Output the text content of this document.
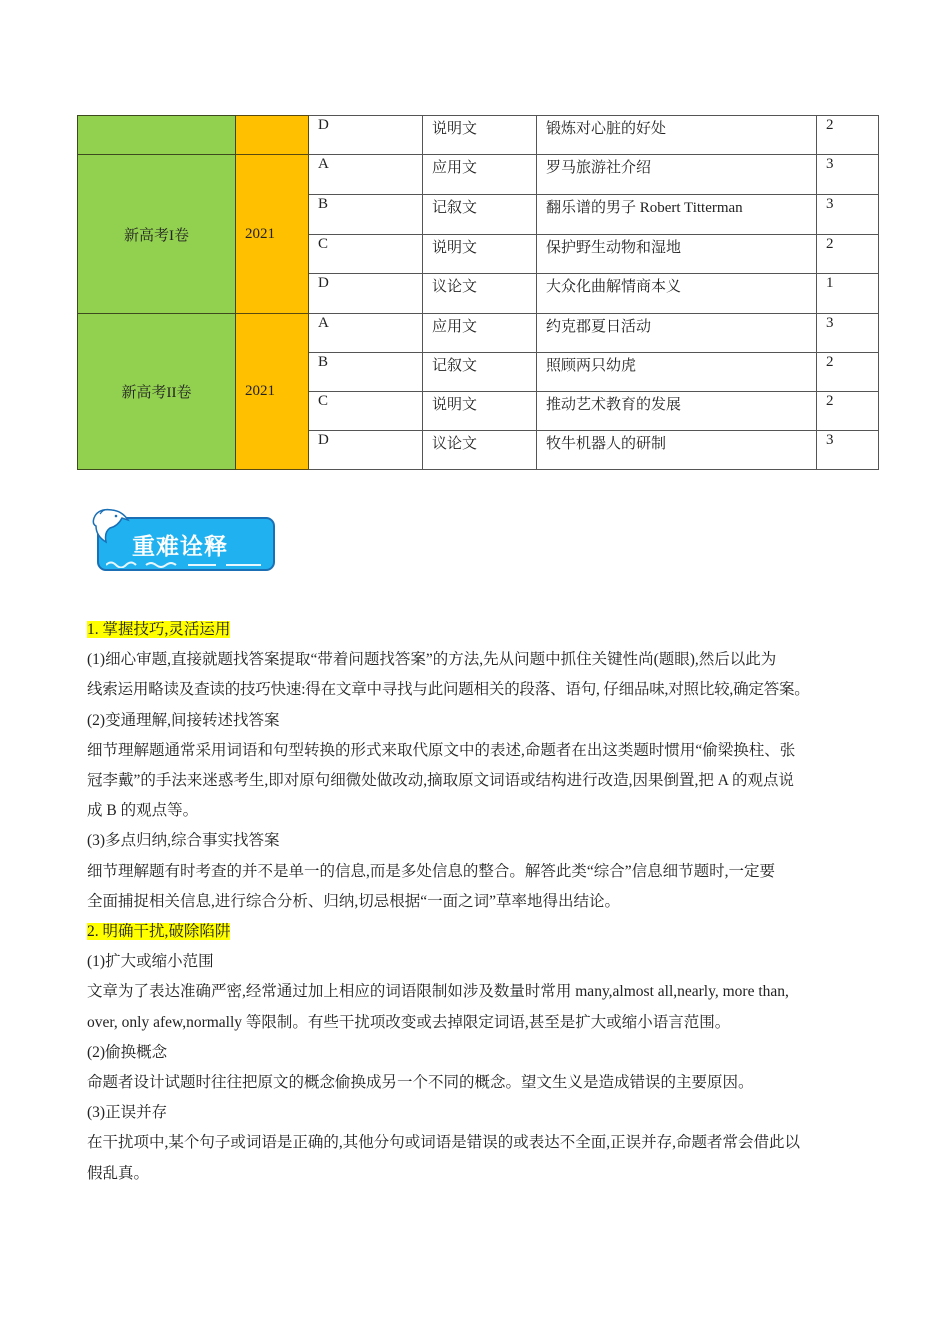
		D	说明文	锻炼对心脏的好处	2
新高考I卷	2021	A	应用文	罗马旅游社介绍	3
		B	记叙文	翻乐谱的男子 Robert Titterman	3
		C	说明文	保护野生动物和湿地	2
		D	议论文	大众化曲解情商本义	1
新高考II卷	2021	A	应用文	约克郡夏日活动	3
		B	记叙文	照顾两只幼虎	2
		C	说明文	推动艺术教育的发展	2
		D	议论文	牧牛机器人的研制	3
重难诠释

1. 掌握技巧,灵活运用

(1)细心审题,直接就题找答案提取“带着问题找答案”的方法,先从问题中抓住关键性尚(题眼),然后以此为

线索运用略读及查读的技巧快速:得在文章中寻找与此问题相关的段落、语句, 仔细品味,对照比较,确定答案。

(2)变通理解,间接转述找答案

细节理解题通常采用词语和句型转换的形式来取代原文中的表述,命题者在出这类题时惯用“偷梁换柱、张

冠李戴”的手法来迷惑考生,即对原句细微处做改动,摘取原文词语或结构进行改造,因果倒置,把 A 的观点说

成 B 的观点等。

(3)多点归纳,综合事实找答案

细节理解题有时考查的并不是单一的信息,而是多处信息的整合。解答此类“综合”信息细节题时,一定要

全面捕捉相关信息,进行综合分析、归纳,切忌根据“一面之词”草率地得出结论。

2. 明确干扰,破除陷阱

(1)扩大或缩小范围

文章为了表达准确严密,经常通过加上相应的词语限制如涉及数量时常用 many,almost all,nearly, more than,

over, only afew,normally 等限制。有些干扰项改变或去掉限定词语,甚至是扩大或缩小语言范围。

(2)偷换概念

命题者设计试题时往往把原文的概念偷换成另一个不同的概念。望文生义是造成错误的主要原因。

(3)正误并存

在干扰项中,某个句子或词语是正确的,其他分句或词语是错误的或表达不全面,正误并存,命题者常会借此以

假乱真。
